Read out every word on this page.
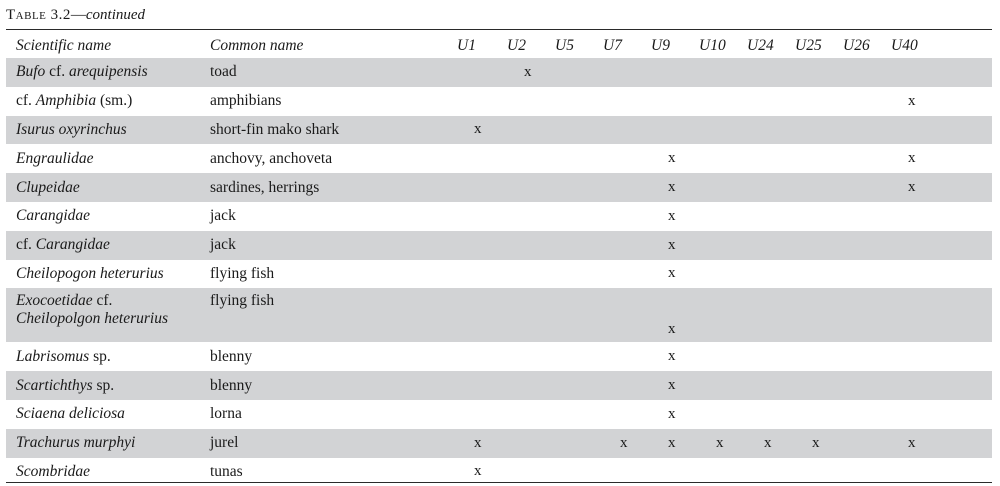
Table 3.2—continued
Scientific name	Common name	U1	U2	U5	U7	U9	U10	U24	U25	U26	U40	
Bufo cf. arequipensis	toad		x									
cf. Amphibia (sm.)	amphibians										x	
Isurus oxyrinchus	short-fin mako shark	x										
Engraulidae	anchovy, anchoveta					x					x	
Clupeidae	sardines, herrings					x					x	
Carangidae	jack					x						
cf. Carangidae	jack					x						
Cheilopogon heterurius	flying fish					x						
Exocoetidae cf.
Cheilopolgon heterurius	flying fish					x						
Labrisomus sp.	blenny					x						
Scartichthys sp.	blenny					x						
Sciaena deliciosa	lorna					x						
Trachurus murphyi	jurel	x			x	x	x	x	x		x	
Scombridae	tunas	x										
